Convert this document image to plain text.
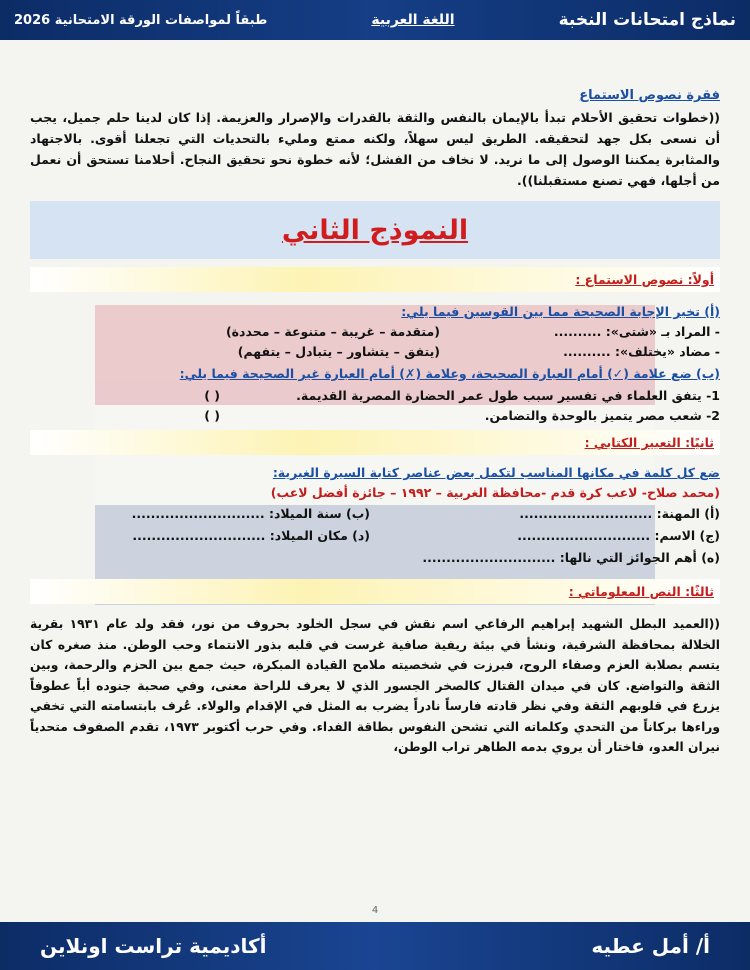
نماذج امتحانات النخبة
اللغة العربية
طبقاً لمواصفات الورقة الامتحانية 2026

فقرة نصوص الاستماع

((خطوات تحقيق الأحلام تبدأ بالإيمان بالنفس والثقة بالقدرات والإصرار والعزيمة. إذا كان لدينا حلم جميل، يجب أن نسعى بكل جهد لتحقيقه. الطريق ليس سهلاً، ولكنه ممتع ومليء بالتحديات التي تجعلنا أقوى. بالاجتهاد والمثابرة يمكننا الوصول إلى ما نريد. لا نخاف من الفشل؛ لأنه خطوة نحو تحقيق النجاح. أحلامنا تستحق أن نعمل من أجلها، فهي تصنع مستقبلنا)).

النموذج الثاني
أولاً: نصوص الاستماع :

(أ) تخير الإجابة الصحيحة مما بين القوسين فيما يلي:

- المراد بـ «شتى»: ..........
(متقدمة – غريبة – متنوعة – محددة)
- مضاد «يختلف»: ..........
(يتفق – يتشاور – يتبادل – يتفهم)

(ب) ضع علامة (✓) أمام العبارة الصحيحة، وعلامة (✗) أمام العبارة غير الصحيحة فيما يلي:

1- يتفق العلماء في تفسير سبب طول عمر الحضارة المصرية القديمة.
( )
2- شعب مصر يتميز بالوحدة والتضامن.
( )
ثانيًا: التعبير الكتابي :

ضع كل كلمة في مكانها المناسب لتكمل بعض عناصر كتابة السيرة الغيرية:

(محمد صلاح- لاعب كرة قدم -محافظة الغربية – ١٩٩٢ – جائزة أفضل لاعب)
(أ) المهنة: ............................
(ب) سنة الميلاد: ............................
(ج) الاسم: ............................
(د) مكان الميلاد: ............................
(ه) أهم الجوائز التي نالها: ............................
ثالثًا: النص المعلوماتي :

((العميد البطل الشهيد إبراهيم الرفاعي اسم نقش في سجل الخلود بحروف من نور، فقد ولد عام ١٩٣١ بقرية الخلالة بمحافظة الشرقية، ونشأ في بيئة ريفية صافية غرست في قلبه بذور الانتماء وحب الوطن. منذ صغره كان يتسم بصلابة العزم وصفاء الروح، فبرزت في شخصيته ملامح القيادة المبكرة، حيث جمع بين الحزم والرحمة، وبين الثقة والتواضع. كان في ميدان القتال كالصخر الجسور الذي لا يعرف للراحة معنى، وفي صحبة جنوده أباً عطوفاً يزرع في قلوبهم الثقة وفي نظر قادته فارساً نادراً يضرب به المثل في الإقدام والولاء. عُرف بابتسامته التي تخفي وراءها بركاناً من التحدي وكلماته التي تشحن النفوس بطاقة الفداء. وفي حرب أكتوبر ١٩٧٣، تقدم الصفوف متحدياً نيران العدو، فاختار أن يروي بدمه الطاهر تراب الوطن،

4
أ/ أمل عطيه
أكاديمية تراست اونلاين
